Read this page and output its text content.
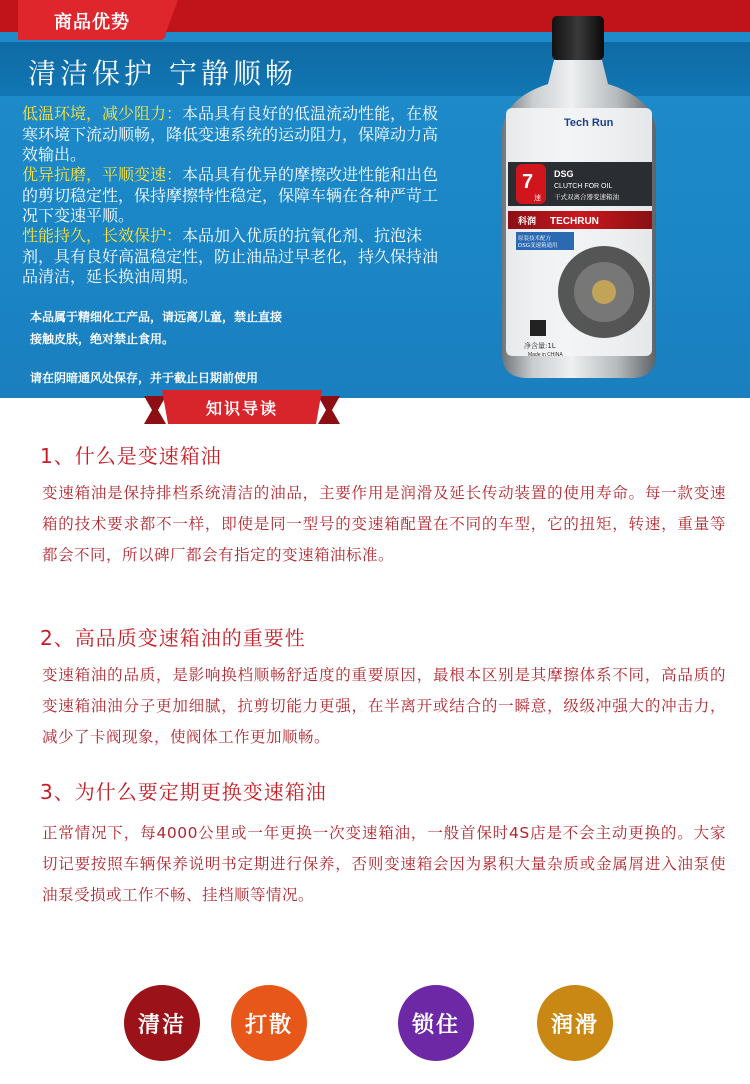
商品优势
清洁保护 宁静顺畅
低温环境，减少阻力：本品具有良好的低温流动性能，在极寒环境下流动顺畅，降低变速系统的运动阻力，保障动力高效输出。
优异抗磨，平顺变速：本品具有优异的摩擦改进性能和出色的剪切稳定性，保持摩擦特性稳定，保障车辆在各种严苛工况下变速平顺。
性能持久，长效保护：本品加入优质的抗氧化剂、抗泡沫剂，具有良好高温稳定性，防止油品过早老化，持久保持油品清洁，延长换油周期。
本品属于精细化工产品，请远离儿童，禁止直接
接触皮肤，绝对禁止食用。
请在阴暗通风处保存，并于截止日期前使用
Tech Run
7
速
DSG
CLUTCH FOR OIL
干式双离合器变速箱油
科润 TECHRUN
原装技术配方
DSG变速箱通用
净含量:1L
Made in CHINA
知识导读
1、什么是变速箱油
变速箱油是保持排档系统清洁的油品，主要作用是润滑及延长传动装置的使用寿命。每一款变速箱的技术要求都不一样，即使是同一型号的变速箱配置在不同的车型，它的扭矩，转速，重量等都会不同，所以碑厂都会有指定的变速箱油标准。
2、高品质变速箱油的重要性
变速箱油的品质，是影响换档顺畅舒适度的重要原因，最根本区别是其摩擦体系不同，高品质的变速箱油油分子更加细腻，抗剪切能力更强，在半离开或结合的一瞬意，级级冲强大的冲击力，减少了卡阀现象，使阀体工作更加顺畅。
3、为什么要定期更换变速箱油
正常情况下，每4000公里或一年更换一次变速箱油，一般首保时4S店是不会主动更换的。大家切记要按照车辆保养说明书定期进行保养，否则变速箱会因为累积大量杂质或金属屑进入油泵使油泵受损或工作不畅、挂档顺等情况。
清洁	打散	锁住	润滑
